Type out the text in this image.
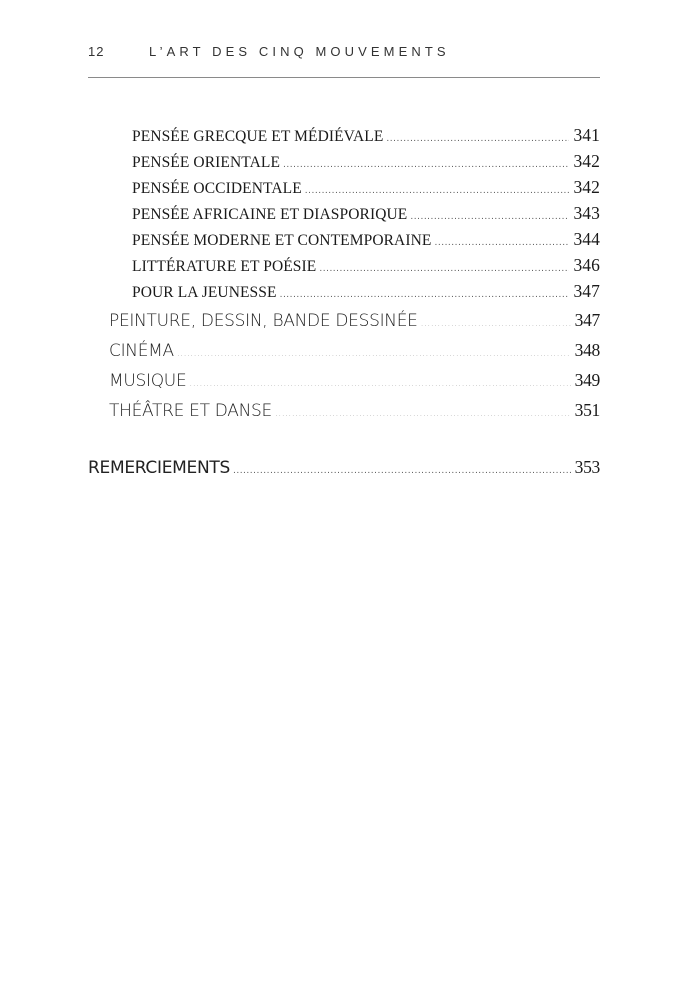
12	L’ART DES CINQ MOUVEMENTS
PENSÉE GRECQUE ET MÉDIÉVALE .....	341
PENSÉE ORIENTALE .....	342
PENSÉE OCCIDENTALE .....	342
PENSÉE AFRICAINE ET DIASPORIQUE .....	343
PENSÉE MODERNE ET CONTEMPORAINE .....	344
LITTÉRATURE ET POÉSIE .....	346
POUR LA JEUNESSE .....	347
PEINTURE, DESSIN, BANDE DESSINÉE .....	347
CINÉMA .....	348
MUSIQUE .....	349
THÉÂTRE ET DANSE .....	351
REMERCIEMENTS .....	353
